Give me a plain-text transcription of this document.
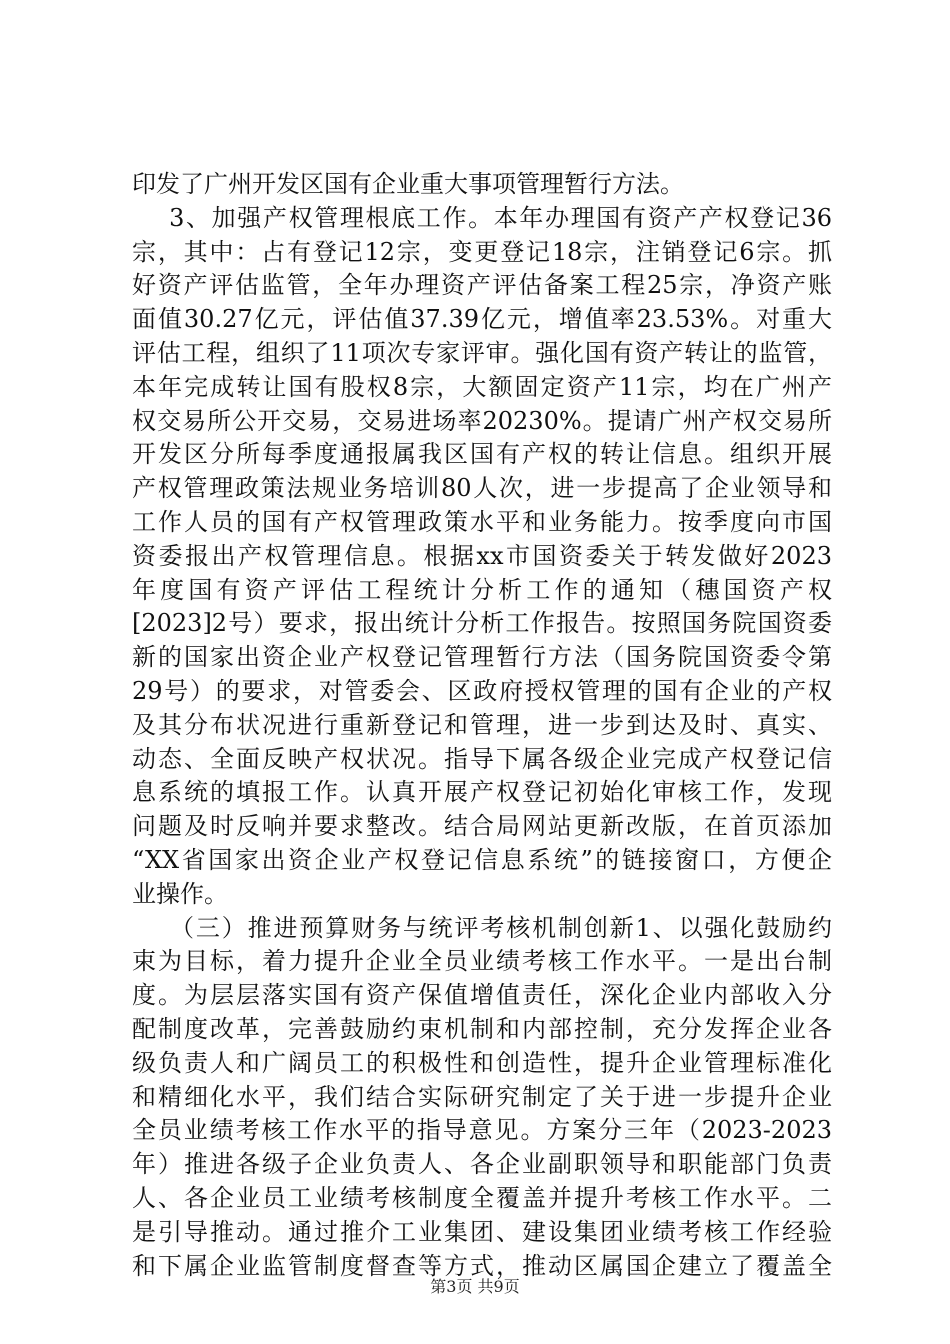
印发了广州开发区国有企业重大事项管理暂行方法。
3、加强产权管理根底工作。本年办理国有资产产权登记36
宗，其中：占有登记12宗，变更登记18宗，注销登记6宗。抓
好资产评估监管，全年办理资产评估备案工程25宗，净资产账
面值30.27亿元，评估值37.39亿元，增值率23.53%。对重大
评估工程，组织了11项次专家评审。强化国有资产转让的监管，
本年完成转让国有股权8宗，大额固定资产11宗，均在广州产
权交易所公开交易，交易进场率20230%。提请广州产权交易所
开发区分所每季度通报属我区国有产权的转让信息。组织开展
产权管理政策法规业务培训80人次，进一步提高了企业领导和
工作人员的国有产权管理政策水平和业务能力。按季度向市国
资委报出产权管理信息。根据xx市国资委关于转发做好2023
年度国有资产评估工程统计分析工作的通知（穗国资产权
[2023]2号）要求，报出统计分析工作报告。按照国务院国资委
新的国家出资企业产权登记管理暂行方法（国务院国资委令第
29号）的要求，对管委会、区政府授权管理的国有企业的产权
及其分布状况进行重新登记和管理，进一步到达及时、真实、
动态、全面反映产权状况。指导下属各级企业完成产权登记信
息系统的填报工作。认真开展产权登记初始化审核工作，发现
问题及时反响并要求整改。结合局网站更新改版，在首页添加
“XX省国家出资企业产权登记信息系统”的链接窗口，方便企
业操作。
（三）推进预算财务与统评考核机制创新1、以强化鼓励约
束为目标，着力提升企业全员业绩考核工作水平。一是出台制
度。为层层落实国有资产保值增值责任，深化企业内部收入分
配制度改革，完善鼓励约束机制和内部控制，充分发挥企业各
级负责人和广阔员工的积极性和创造性，提升企业管理标准化
和精细化水平，我们结合实际研究制定了关于进一步提升企业
全员业绩考核工作水平的指导意见。方案分三年（2023-2023
年）推进各级子企业负责人、各企业副职领导和职能部门负责
人、各企业员工业绩考核制度全覆盖并提升考核工作水平。二
是引导推动。通过推介工业集团、建设集团业绩考核工作经验
和下属企业监管制度督查等方式，推动区属国企建立了覆盖全
第3页 共9页
